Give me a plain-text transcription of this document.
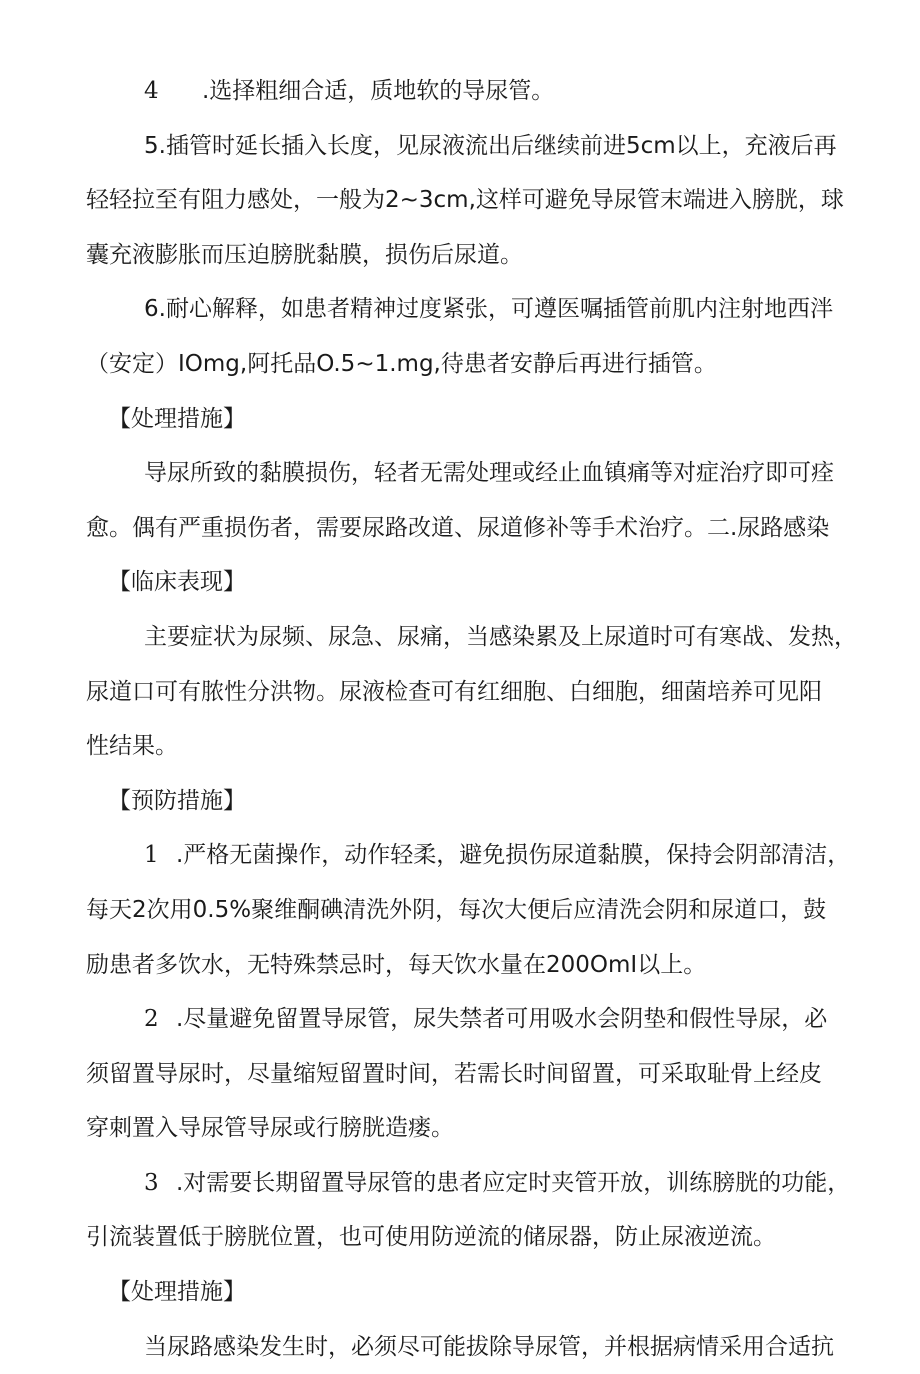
4 .选择粗细合适，质地软的导尿管。
5.插管时延长插入长度，见尿液流出后继续前进5cm以上，充液后再
轻轻拉至有阻力感处，一般为2~3cm,这样可避免导尿管末端进入膀胱，球
囊充液膨胀而压迫膀胱黏膜，损伤后尿道。
6.耐心解释，如患者精神过度紧张，可遵医嘱插管前肌内注射地西泮
（安定）IOmg,阿托品O.5~1.mg,待患者安静后再进行插管。
【处理措施】
导尿所致的黏膜损伤，轻者无需处理或经止血镇痛等对症治疗即可痊
愈。偶有严重损伤者，需要尿路改道、尿道修补等手术治疗。二.尿路感染
【临床表现】
主要症状为尿频、尿急、尿痛，当感染累及上尿道时可有寒战、发热，
尿道口可有脓性分洪物。尿液检查可有红细胞、白细胞，细菌培养可见阳
性结果。
【预防措施】
1 .严格无菌操作，动作轻柔，避免损伤尿道黏膜，保持会阴部清洁，
每天2次用0.5%聚维酮碘清洗外阴，每次大便后应清洗会阴和尿道口，鼓
励患者多饮水，无特殊禁忌时，每天饮水量在200OmI以上。
2 .尽量避免留置导尿管，尿失禁者可用吸水会阴垫和假性导尿，必
须留置导尿时，尽量缩短留置时间，若需长时间留置，可采取耻骨上经皮
穿刺置入导尿管导尿或行膀胱造瘘。
3 .对需要长期留置导尿管的患者应定时夹管开放，训练膀胱的功能，
引流装置低于膀胱位置，也可使用防逆流的储尿器，防止尿液逆流。
【处理措施】
当尿路感染发生时，必须尽可能拔除导尿管，并根据病情采用合适抗
